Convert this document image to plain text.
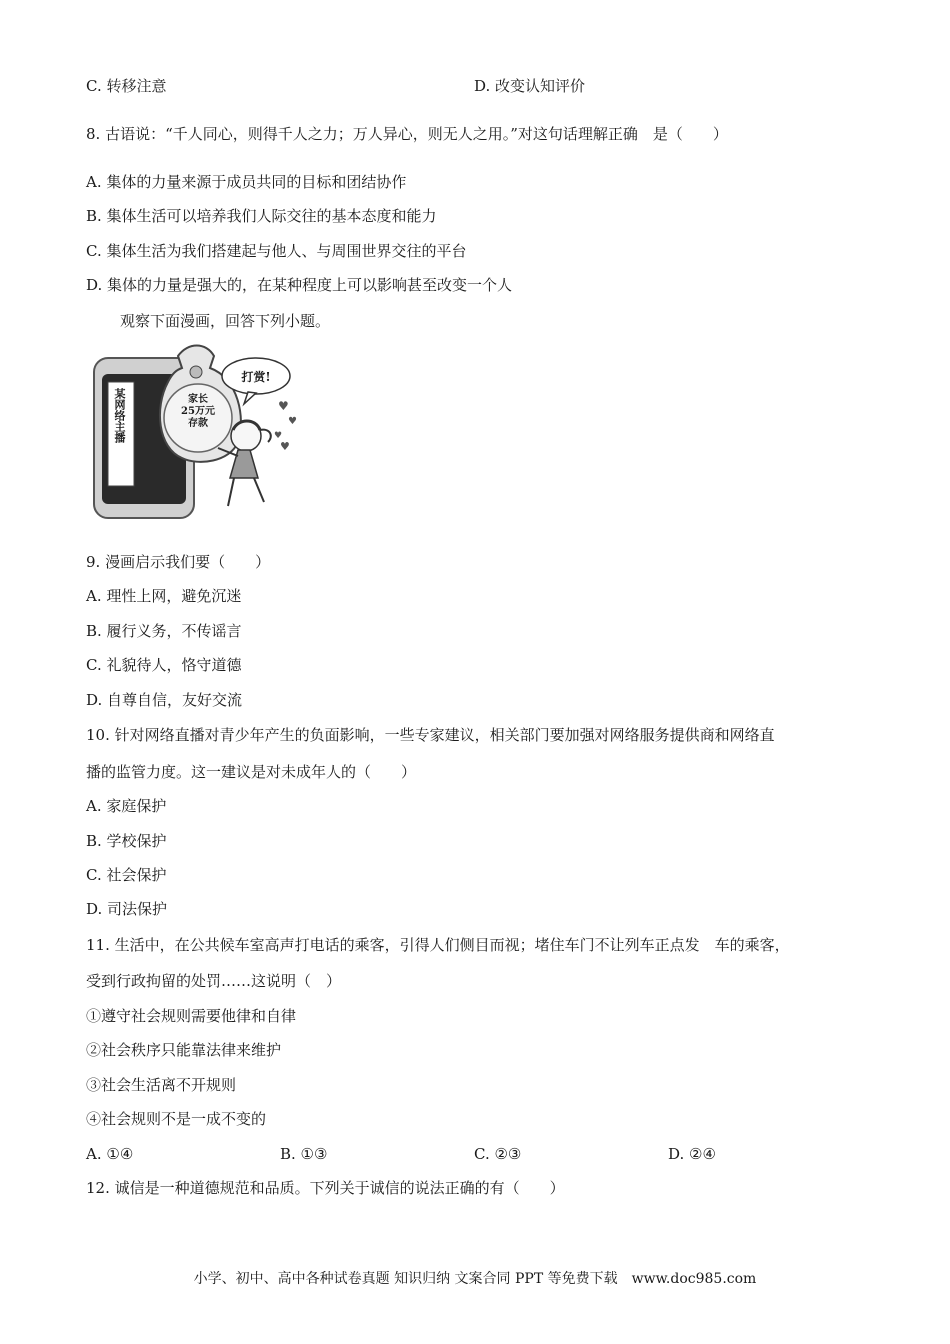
C. 转移注意	D. 改变认知评价
8. 古语说：“千人同心，则得千人之力；万人异心，则无人之用。”对这句话理解正确　是（　　）
A. 集体的力量来源于成员共同的目标和团结协作
B. 集体生活可以培养我们人际交往的基本态度和能力
C. 集体生活为我们搭建起与他人、与周围世界交往的平台
D. 集体的力量是强大的，在某种程度上可以影响甚至改变一个人
观察下面漫画，回答下列小题。
♥
♥
♥
♥
某网络主播	家长
25万元
存款
打赏!
9. 漫画启示我们要（　　）
A. 理性上网，避免沉迷
B. 履行义务，不传谣言
C. 礼貌待人，恪守道德
D. 自尊自信，友好交流
10. 针对网络直播对青少年产生的负面影响，一些专家建议，相关部门要加强对网络服务提供商和网络直
播的监管力度。这一建议是对未成年人的（　　）
A. 家庭保护
B. 学校保护
C. 社会保护
D. 司法保护
11. 生活中，在公共候车室高声打电话的乘客，引得人们侧目而视；堵住车门不让列车正点发　车的乘客，
受到行政拘留的处罚……这说明（　）
①遵守社会规则需要他律和自律
②社会秩序只能靠法律来维护
③社会生活离不开规则
④社会规则不是一成不变的
A. ①④	B. ①③	C. ②③	D. ②④
12. 诚信是一种道德规范和品质。下列关于诚信的说法正确的有（　　）
小学、初中、高中各种试卷真题 知识归纳 文案合同 PPT 等免费下载　www.doc985.com
